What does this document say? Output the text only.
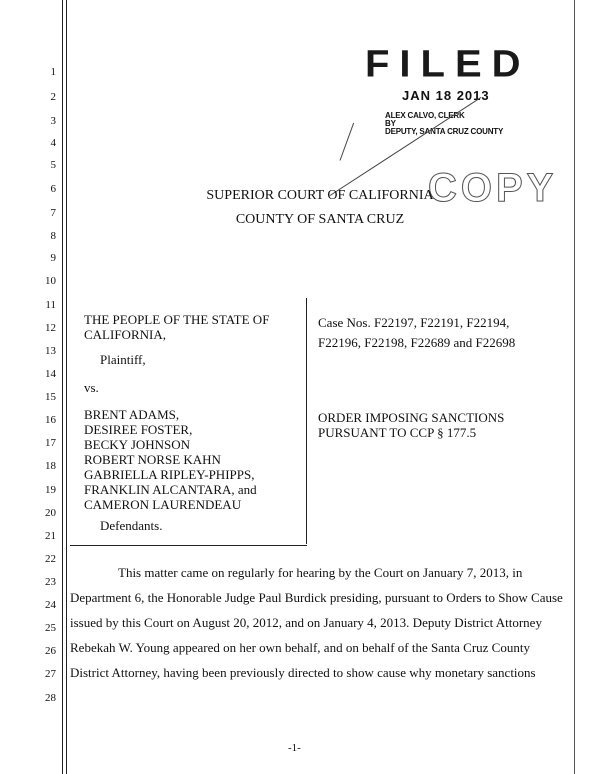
1
2
3
4
5
6
7
8
9
10
11
12
13
14
15
16
17
18
19
20
21
22
23
24
25
26
27
28
FILED
JAN 18 2013
ALEX CALVO, CLERK
BY
DEPUTY, SANTA CRUZ COUNTY
COPY
SUPERIOR COURT OF CALIFORNIA
COUNTY OF SANTA CRUZ
THE PEOPLE OF THE STATE OF
CALIFORNIA,
Plaintiff,
vs.
BRENT ADAMS,
DESIREE FOSTER,
BECKY JOHNSON
ROBERT NORSE KAHN
GABRIELLA RIPLEY-PHIPPS,
FRANKLIN ALCANTARA, and
CAMERON LAURENDEAU
Defendants.
Case Nos. F22197, F22191, F22194,
F22196, F22198, F22689 and F22698
ORDER IMPOSING SANCTIONS
PURSUANT TO CCP § 177.5
This matter came on regularly for hearing by the Court on January 7, 2013, in
Department 6, the Honorable Judge Paul Burdick presiding, pursuant to Orders to Show Cause
issued by this Court on August 20, 2012, and on January 4, 2013. Deputy District Attorney
Rebekah W. Young appeared on her own behalf, and on behalf of the Santa Cruz County
District Attorney, having been previously directed to show cause why monetary sanctions
-1-
